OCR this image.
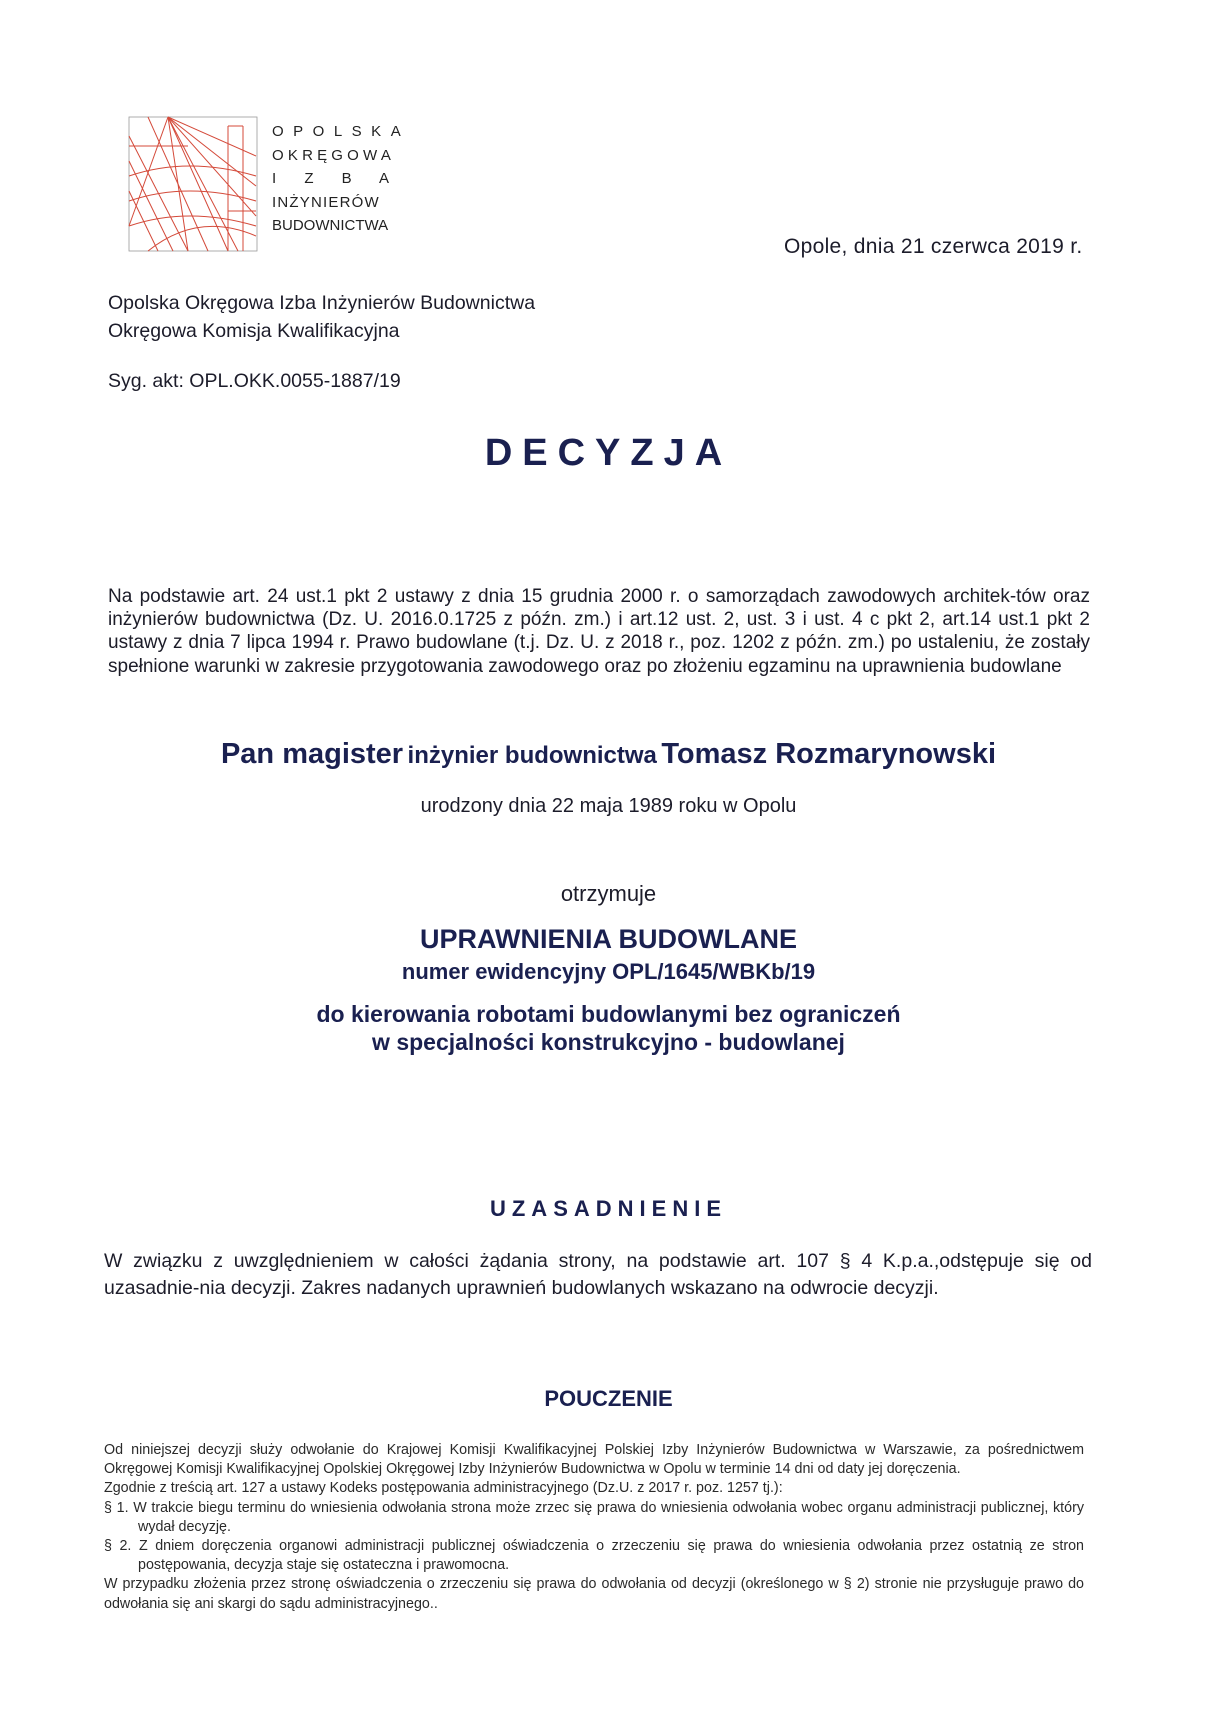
OPOLSKA
OKRĘGOWA
I Z B A
INŻYNIERÓW
BUDOWNICTWA
Opole, dnia 21 czerwca 2019 r.
Opolska Okręgowa Izba Inżynierów Budownictwa
Okręgowa Komisja Kwalifikacyjna
Syg. akt: OPL.OKK.0055-1887/19
DECYZJA
Na podstawie art. 24 ust.1 pkt 2 ustawy z dnia 15 grudnia 2000 r. o samorządach zawodowych architek-tów oraz inżynierów budownictwa (Dz. U. 2016.0.1725 z późn. zm.) i art.12 ust. 2, ust. 3 i ust. 4 c pkt 2, art.14 ust.1 pkt 2 ustawy z dnia 7 lipca 1994 r. Prawo budowlane (t.j. Dz. U. z 2018 r., poz. 1202 z późn. zm.) po ustaleniu, że zostały spełnione warunki w zakresie przygotowania zawodowego oraz po złożeniu egzaminu na uprawnienia budowlane
Pan magister inżynier budownictwa Tomasz Rozmarynowski
urodzony dnia 22 maja 1989 roku w Opolu
otrzymuje
UPRAWNIENIA BUDOWLANE
numer ewidencyjny OPL/1645/WBKb/19
do kierowania robotami budowlanymi bez ograniczeń
w specjalności konstrukcyjno - budowlanej
UZASADNIENIE
W związku z uwzględnieniem w całości żądania strony, na podstawie art. 107 § 4 K.p.a.,odstępuje się od uzasadnie-nia decyzji. Zakres nadanych uprawnień budowlanych wskazano na odwrocie decyzji.
POUCZENIE

Od niniejszej decyzji służy odwołanie do Krajowej Komisji Kwalifikacyjnej Polskiej Izby Inżynierów Budownictwa w Warszawie, za pośrednictwem Okręgowej Komisji Kwalifikacyjnej Opolskiej Okręgowej Izby Inżynierów Budownictwa w Opolu w terminie 14 dni od daty jej doręczenia.

Zgodnie z treścią art. 127 a ustawy Kodeks postępowania administracyjnego (Dz.U. z 2017 r. poz. 1257 tj.):

§ 1. W trakcie biegu terminu do wniesienia odwołania strona może zrzec się prawa do wniesienia odwołania wobec organu administracji publicznej, który wydał decyzję.

§ 2. Z dniem doręczenia organowi administracji publicznej oświadczenia o zrzeczeniu się prawa do wniesienia odwołania przez ostatnią ze stron postępowania, decyzja staje się ostateczna i prawomocna.

W przypadku złożenia przez stronę oświadczenia o zrzeczeniu się prawa do odwołania od decyzji (określonego w § 2) stronie nie przysługuje prawo do odwołania się ani skargi do sądu administracyjnego..
